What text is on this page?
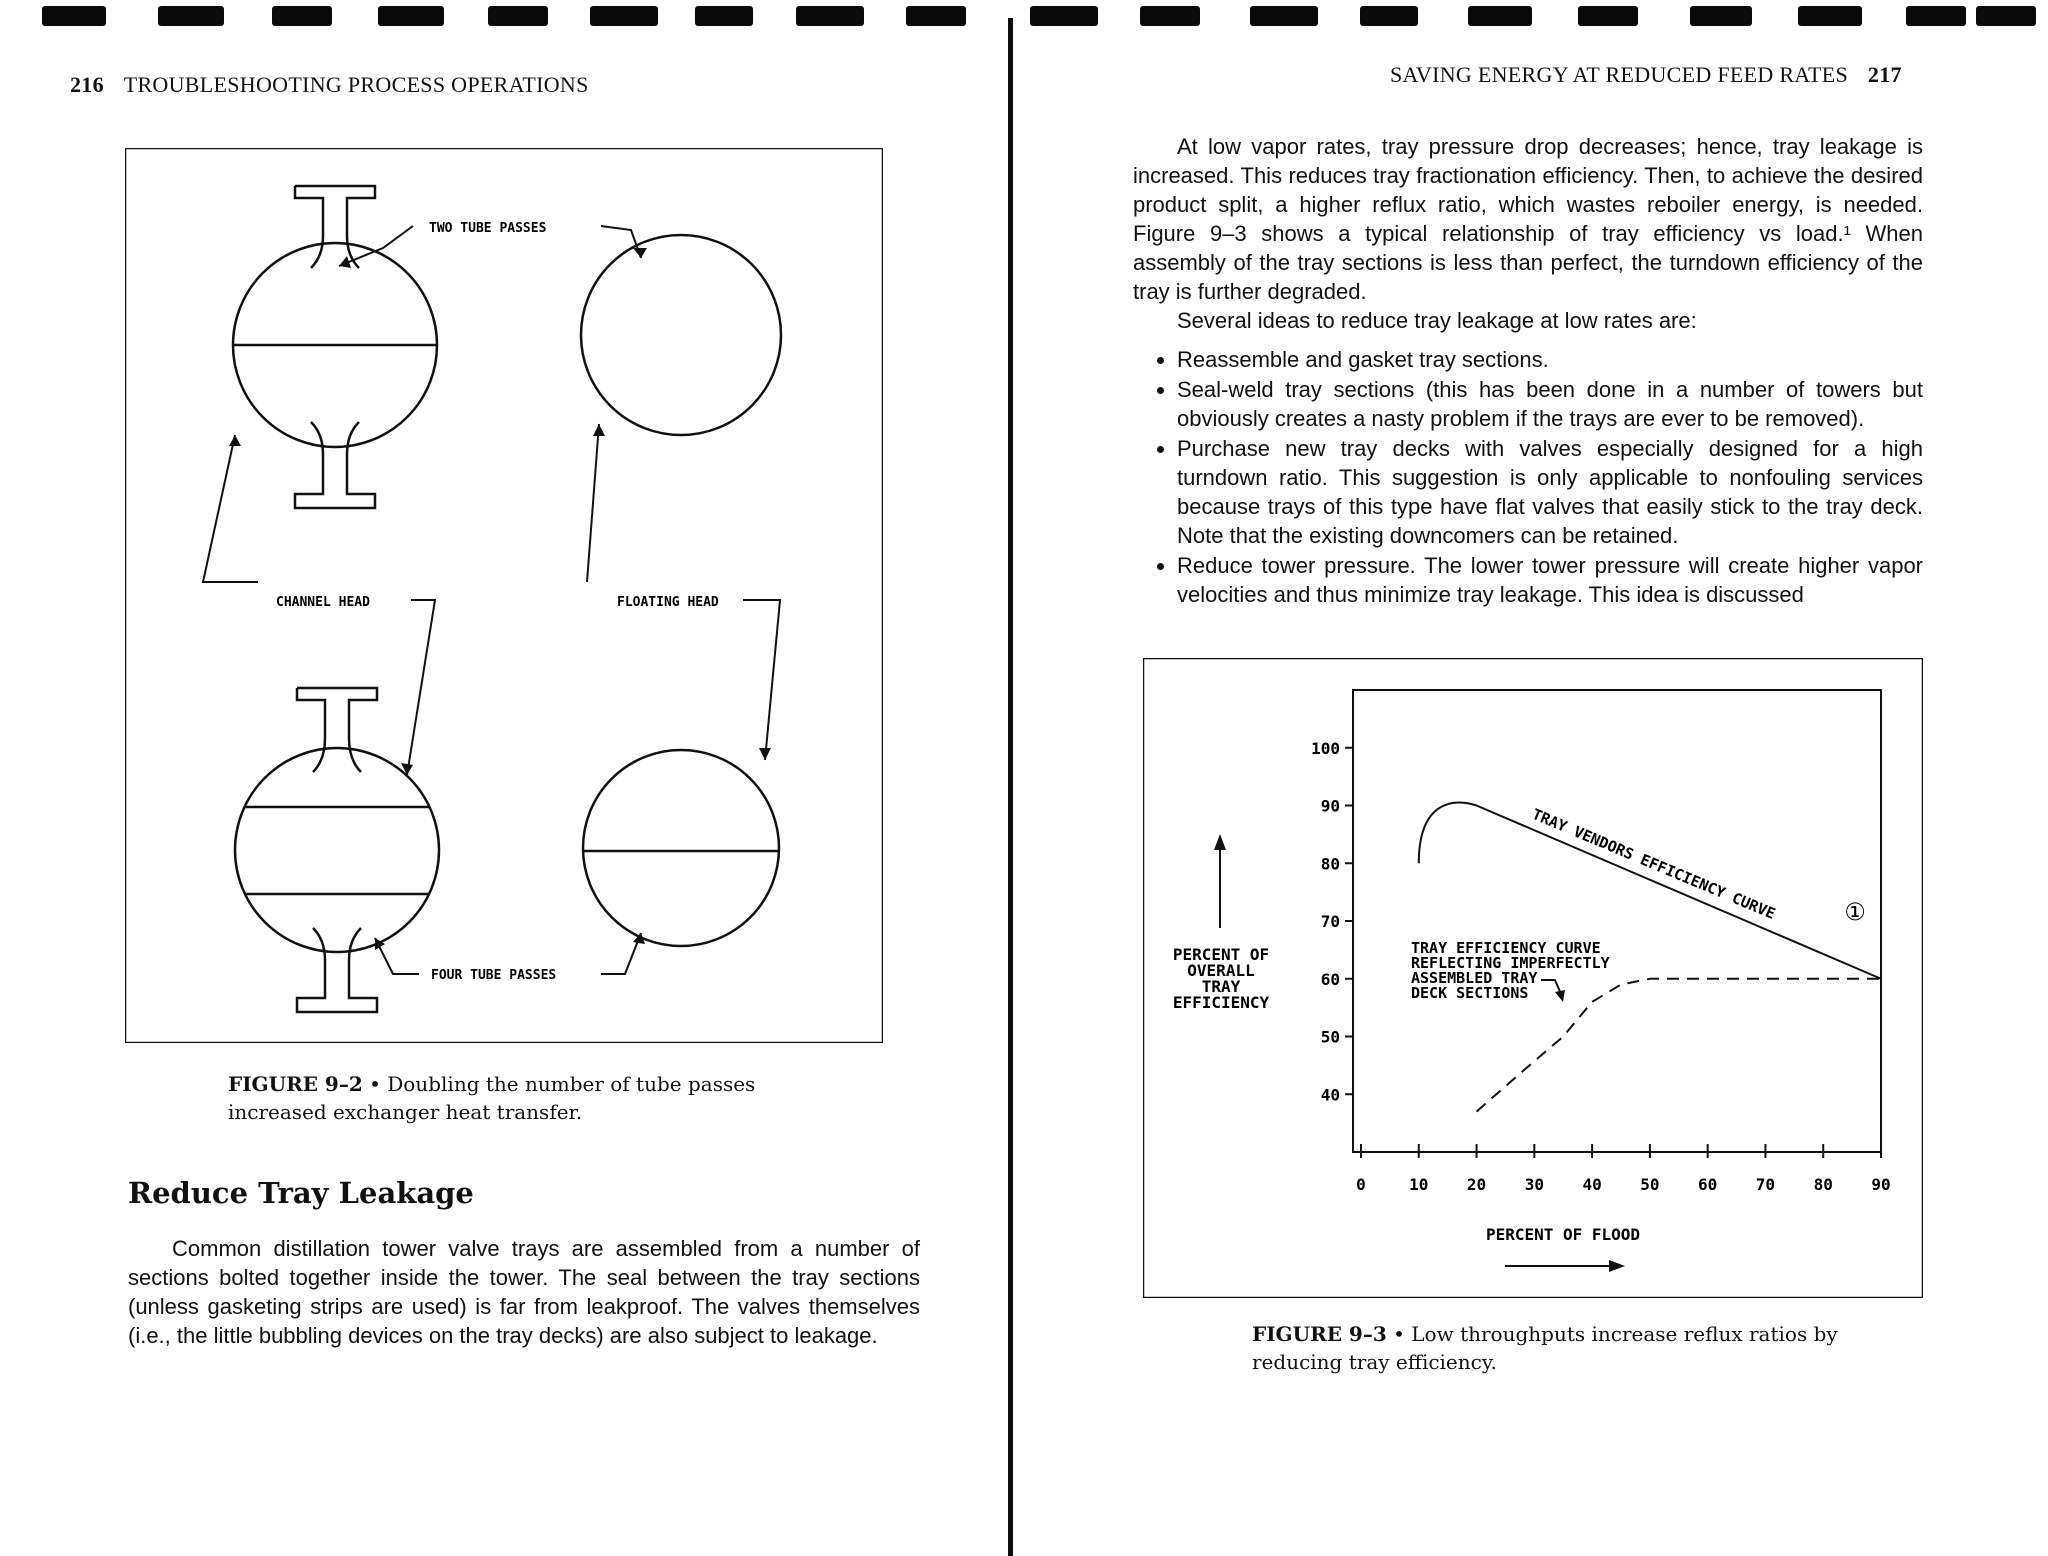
216 TROUBLESHOOTING PROCESS OPERATIONS
TWO TUBE PASSES
CHANNEL HEAD	FLOATING HEAD
FOUR TUBE PASSES
FIGURE 9–2 • Doubling the number of tube passes increased exchanger heat transfer.
Reduce Tray Leakage
Common distillation tower valve trays are assembled from a number of sections bolted together inside the tower. The seal between the tray sections (unless gasketing strips are used) is far from leakproof. The valves themselves (i.e., the little bubbling devices on the tray decks) are also subject to leakage.
SAVING ENERGY AT REDUCED FEED RATES 217

At low vapor rates, tray pressure drop decreases; hence, tray leakage is increased. This reduces tray fractionation efficiency. Then, to achieve the desired product split, a higher reflux ratio, which wastes reboiler energy, is needed. Figure 9–3 shows a typical relationship of tray efficiency vs load.¹ When assembly of the tray sections is less than perfect, the turndown efficiency of the tray is further degraded.

Several ideas to reduce tray leakage at low rates are:

• Reassemble and gasket tray sections.
• Seal-weld tray sections (this has been done in a number of towers but obviously creates a nasty problem if the trays are ever to be removed).
• Purchase new tray decks with valves especially designed for a high turndown ratio. This suggestion is only applicable to nonfouling services because trays of this type have flat valves that easily stick to the tray deck. Note that the existing downcomers can be retained.
• Reduce tower pressure. The lower tower pressure will create higher vapor velocities and thus minimize tray leakage. This idea is discussed
40
50
60
70
80
90
100
0	10 20 30 40 50 60 70 80 90
PERCENT OF
OVERALL
TRAY
EFFICIENCY
PERCENT OF FLOOD
TRAY VENDORS EFFICIENCY CURVE
TRAY EFFICIENCY CURVE
REFLECTING IMPERFECTLY
ASSEMBLED TRAY
DECK SECTIONS
①
FIGURE 9–3 • Low throughputs increase reflux ratios by reducing tray efficiency.
